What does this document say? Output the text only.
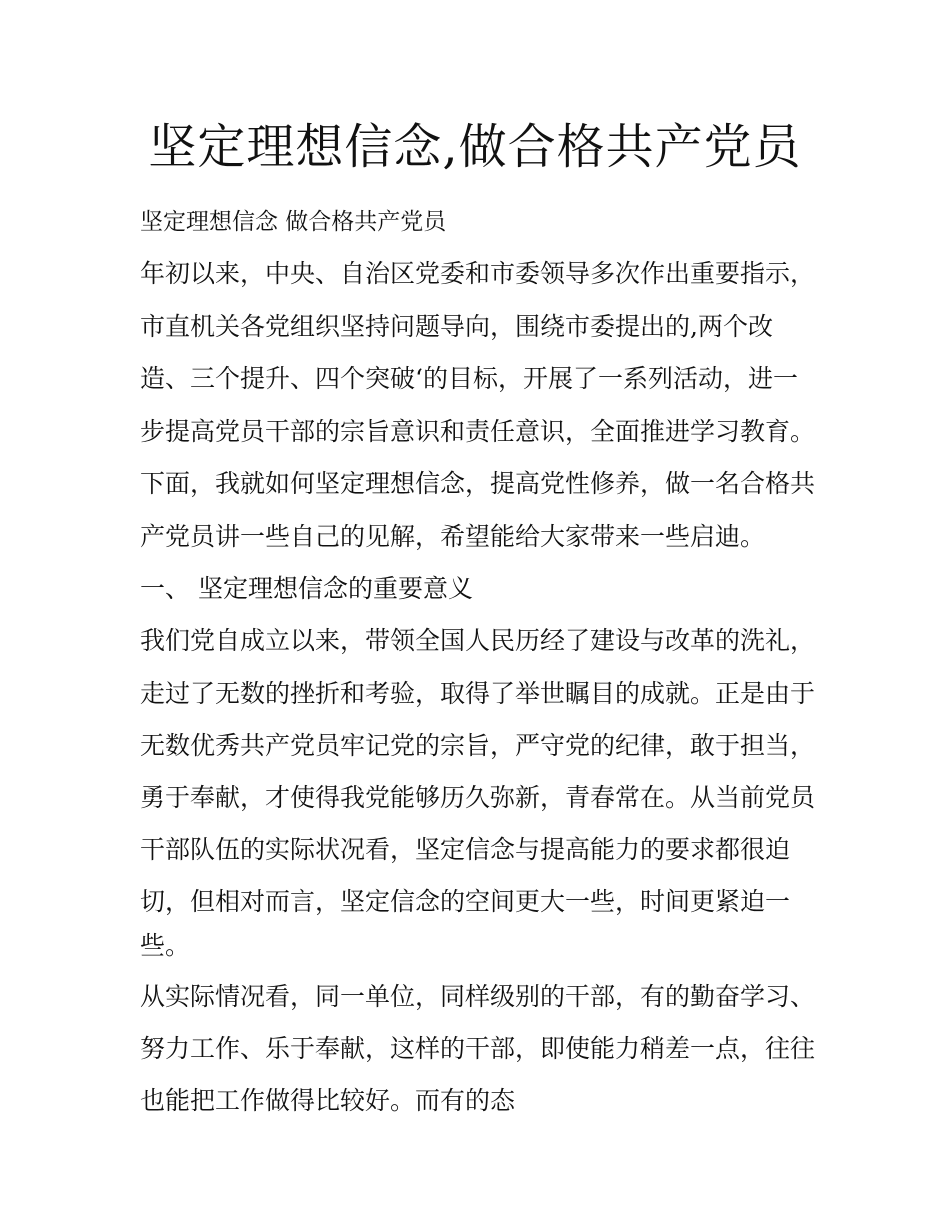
坚定理想信念,做合格共产党员
坚定理想信念 做合格共产党员
年初以来，中央、自治区党委和市委领导多次作出重要指示，
市直机关各党组织坚持问题导向，围绕市委提出的,两个改
造、三个提升、四个突破‘的目标，开展了一系列活动，进一
步提高党员干部的宗旨意识和责任意识，全面推进学习教育。
下面，我就如何坚定理想信念，提高党性修养，做一名合格共
产党员讲一些自己的见解，希望能给大家带来一些启迪。
一、 坚定理想信念的重要意义
我们党自成立以来，带领全国人民历经了建设与改革的洗礼，
走过了无数的挫折和考验，取得了举世瞩目的成就。正是由于
无数优秀共产党员牢记党的宗旨，严守党的纪律，敢于担当，
勇于奉献，才使得我党能够历久弥新，青春常在。从当前党员
干部队伍的实际状况看，坚定信念与提高能力的要求都很迫
切，但相对而言，坚定信念的空间更大一些，时间更紧迫一
些。
从实际情况看，同一单位，同样级别的干部，有的勤奋学习、
努力工作、乐于奉献，这样的干部，即使能力稍差一点，往往
也能把工作做得比较好。而有的态
